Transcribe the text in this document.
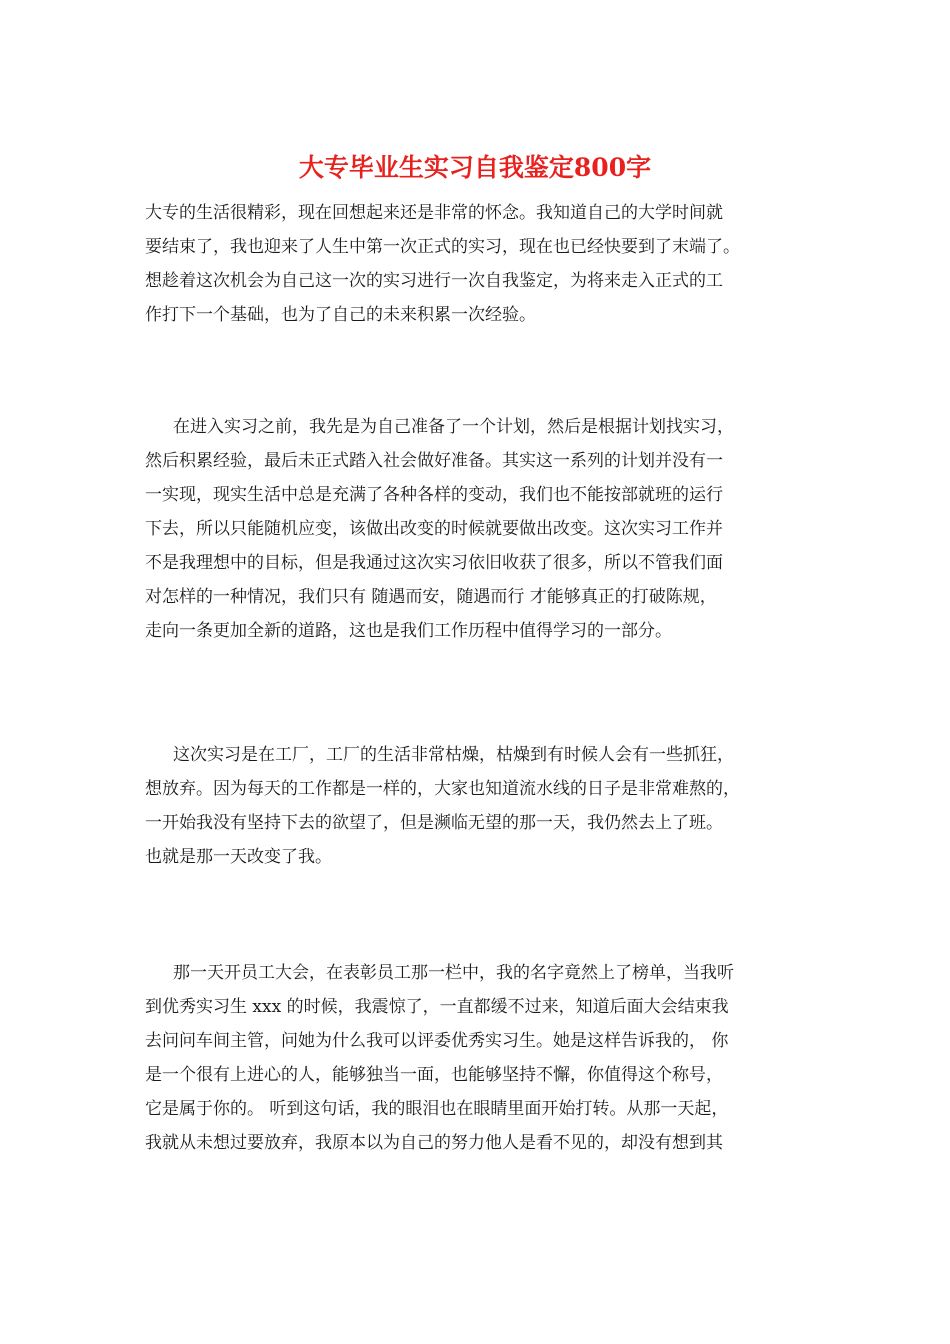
大专毕业生实习自我鉴定800字
大专的生活很精彩，现在回想起来还是非常的怀念。我知道自己的大学时间就
要结束了，我也迎来了人生中第一次正式的实习，现在也已经快要到了末端了。
想趁着这次机会为自己这一次的实习进行一次自我鉴定，为将来走入正式的工
作打下一个基础，也为了自己的未来积累一次经验。
在进入实习之前，我先是为自己准备了一个计划，然后是根据计划找实习，
然后积累经验，最后未正式踏入社会做好准备。其实这一系列的计划并没有一
一实现，现实生活中总是充满了各种各样的变动，我们也不能按部就班的运行
下去，所以只能随机应变，该做出改变的时候就要做出改变。这次实习工作并
不是我理想中的目标，但是我通过这次实习依旧收获了很多，所以不管我们面
对怎样的一种情况，我们只有 随遇而安，随遇而行 才能够真正的打破陈规，
走向一条更加全新的道路，这也是我们工作历程中值得学习的一部分。
这次实习是在工厂，工厂的生活非常枯燥，枯燥到有时候人会有一些抓狂，
想放弃。因为每天的工作都是一样的，大家也知道流水线的日子是非常难熬的，
一开始我没有坚持下去的欲望了，但是濒临无望的那一天，我仍然去上了班。
也就是那一天改变了我。
那一天开员工大会，在表彰员工那一栏中，我的名字竟然上了榜单，当我听
到优秀实习生 xxx 的时候，我震惊了，一直都缓不过来，知道后面大会结束我
去问问车间主管，问她为什么我可以评委优秀实习生。她是这样告诉我的， 你
是一个很有上进心的人，能够独当一面，也能够坚持不懈，你值得这个称号，
它是属于你的。 听到这句话，我的眼泪也在眼睛里面开始打转。从那一天起，
我就从未想过要放弃，我原本以为自己的努力他人是看不见的，却没有想到其
